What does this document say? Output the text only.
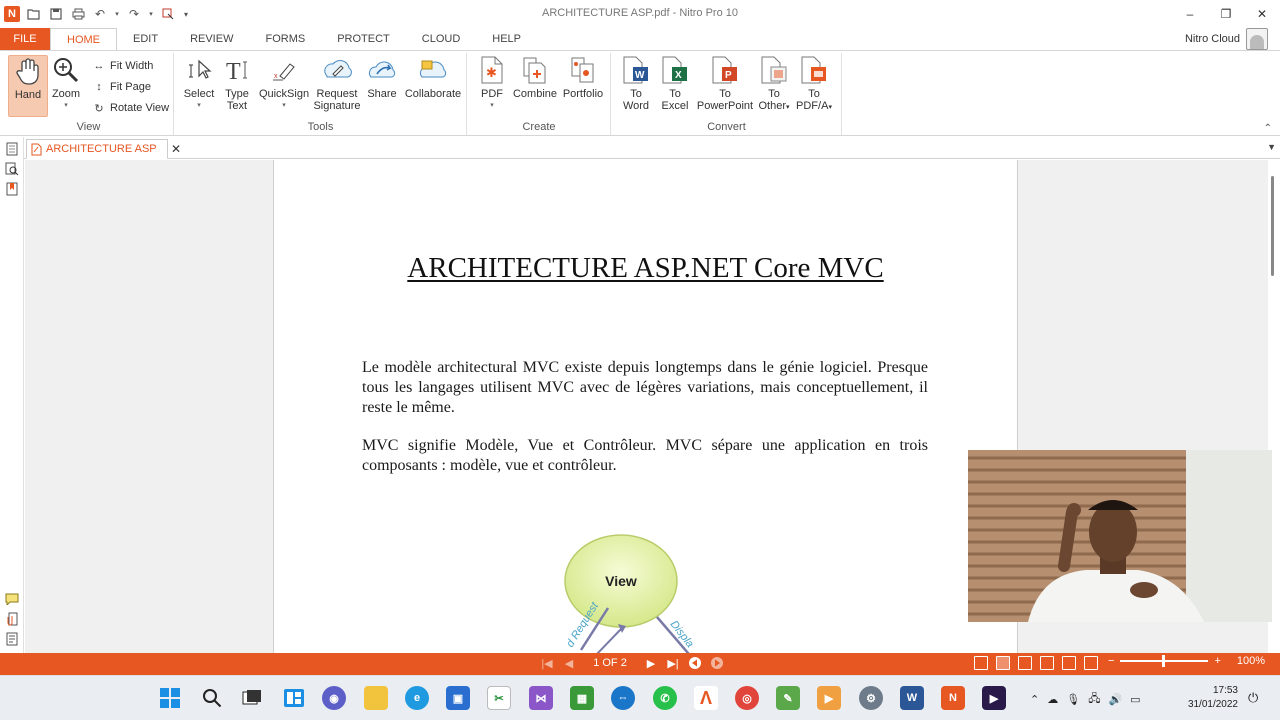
N	↶	▾ ↷	▾	▾	ARCHITECTURE ASP.pdf - Nitro Pro 10	–	❐	✕
FILE	HOME	EDIT	REVIEW	FORMS	PROTECT	CLOUD	HELP	Nitro Cloud
Hand Zoom
▾
↔ Fit Width
↕ Fit Page
↻ Rotate View
View
Select
▾
T
Type
Text
x
QuickSign
▾
Request
Signature
Share Collaborate
Tools
✱
PDF
▾
Combine Portfolio
Create
W
To
Word
X
To
Excel
P
To
PowerPoint
To
Other▾
To
PDF/A▾
Convert	⌃
ARCHITECTURE ASP ✕	▼
ARCHITECTURE ASP.NET Core MVC

Le modèle architectural MVC existe depuis longtemps dans le génie logiciel. Presque tous les langages utilisent MVC avec de légères variations, mais conceptuellement, il reste le même.

MVC signifie Modèle, Vue et Contrôleur. MVC sépare une application en trois composants : modèle, vue et contrôleur.

View
d Request	Displa
|◀ ◀	1 OF 2	▶ ▶|	−	+ 100%
◉	e	▣	✂	⋈	▦	⇔	✆	Λ	◎	✎	▶	⚙	W	N	▶	⌃ ☁ 🎙 🖧 🔊 ▭
17:53
31/01/2022 ⏻
